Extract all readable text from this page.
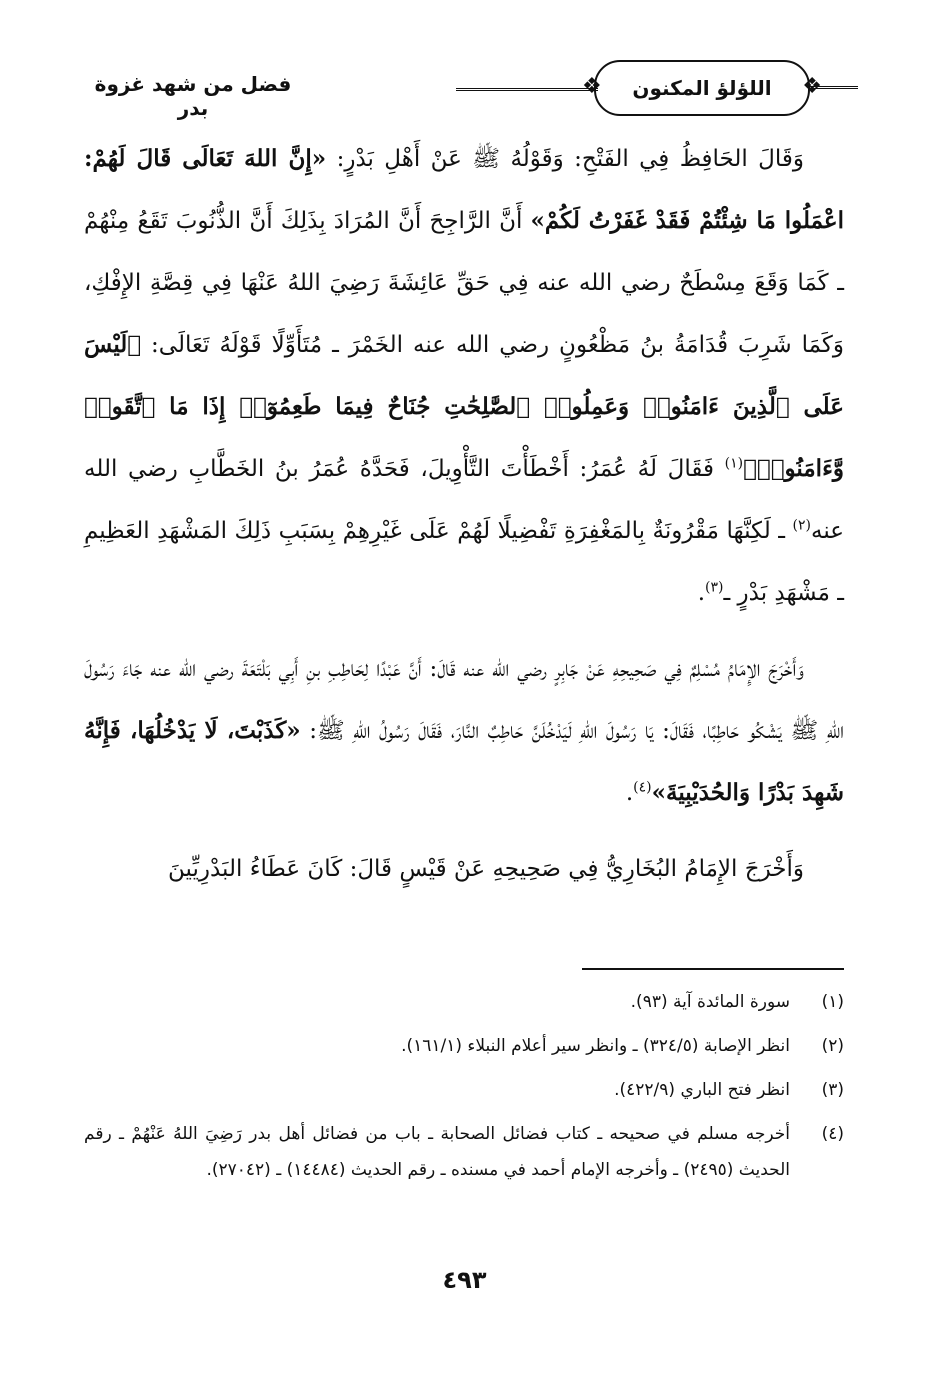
❖ اللؤلؤ المكنون
❖
فضل من شهد غزوة بدر

وَقَالَ الحَافِظُ فِي الفَتْحِ: وَقَوْلُهُ ﷺ عَنْ أَهْلِ بَدْرٍ: «إِنَّ اللهَ تَعَالَى قَالَ لَهُمْ: اعْمَلُوا مَا شِئْتُمْ فَقَدْ غَفَرْتُ لَكُمْ» أَنَّ الرَّاجِحَ أَنَّ المُرَادَ بِذَلِكَ أَنَّ الذُّنُوبَ تَقَعُ مِنْهُمْ ـ كَمَا وَقَعَ مِسْطَحٌ رضي الله عنه فِي حَقِّ عَائِشَةَ رَضِيَ اللهُ عَنْهَا فِي قِصَّةِ الإِفْكِ، وَكَمَا شَرِبَ قُدَامَةُ بنُ مَظْعُونٍ رضي الله عنه الخَمْرَ ـ مُتَأَوِّلًا قَوْلَهُ تَعَالَى: ﴿لَيْسَ عَلَى ٱلَّذِينَ ءَامَنُوا۟ وَعَمِلُوا۟ ٱلصَّٰلِحَٰتِ جُنَاحٌ فِيمَا طَعِمُوٓا۟ إِذَا مَا ٱتَّقَوا۟ وَّءَامَنُوا۟﴾$^{(١)}$ فَقَالَ لَهُ عُمَرُ: أَخْطَأْتَ التَّأْوِيلَ، فَحَدَّهُ عُمَرُ بنُ الخَطَّابِ رضي الله عنه$^{(٢)}$ ـ لَكِنَّهَا مَقْرُونَةٌ بِالمَغْفِرَةِ تَفْضِيلًا لَهُمْ عَلَى غَيْرِهِمْ بِسَبَبِ ذَلِكَ المَشْهَدِ العَظِيمِ ـ مَشْهَدِ بَدْرٍ ـ$^{(٣)}$.

وَأَخْرَجَ الإِمَامُ مُسْلِمٌ فِي صَحِيحِهِ عَنْ جَابِرٍ رضي الله عنه قَالَ: أَنَّ عَبْدًا لِحَاطِبِ بنِ أَبِي بَلْتَعَةَ رضي الله عنه جَاءَ رَسُولَ اللهِ ﷺ يَشْكُو حَاطِبًا، فَقَالَ: يَا رَسُولَ اللهِ لَيَدْخُلَنَّ حَاطِبٌ النَّارَ، فَقَالَ رَسُولُ اللهِ ﷺ: «كَذَبْتَ، لَا يَدْخُلُهَا، فَإِنَّهُ شَهِدَ بَدْرًا وَالحُدَيْبِيَةَ»$^{(٤)}$.

وَأَخْرَجَ الإِمَامُ البُخَارِيُّ فِي صَحِيحِهِ عَنْ قَيْسٍ قَالَ: كَانَ عَطَاءُ البَدْرِيِّينَ

(١)
سورة المائدة آية (٩٣).
(٢)
انظر الإصابة (٣٢٤/٥) ـ وانظر سير أعلام النبلاء (١٦١/١).
(٣)
انظر فتح الباري (٤٢٢/٩).
(٤)
أخرجه مسلم في صحيحه ـ كتاب فضائل الصحابة ـ باب من فضائل أهل بدر رَضِيَ اللهُ عَنْهُمْ ـ رقم الحديث (٢٤٩٥) ـ وأخرجه الإمام أحمد في مسنده ـ رقم الحديث (١٤٤٨٤) ـ (٢٧٠٤٢).
٤٩٣
